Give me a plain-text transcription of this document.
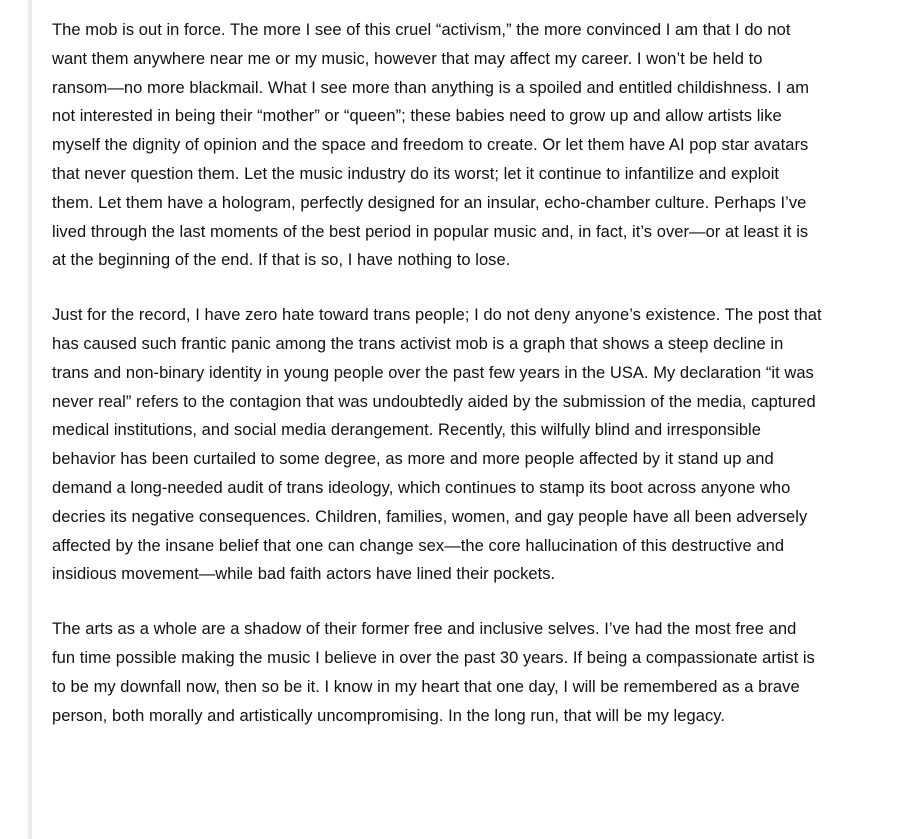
The mob is out in force. The more I see of this cruel “activism,” the more convinced I am that I do not want them anywhere near me or my music, however that may affect my career. I won’t be held to ransom—no more blackmail. What I see more than anything is a spoiled and entitled childishness. I am not interested in being their “mother” or “queen”; these babies need to grow up and allow artists like myself the dignity of opinion and the space and freedom to create. Or let them have AI pop star avatars that never question them. Let the music industry do its worst; let it continue to infantilize and exploit them. Let them have a hologram, perfectly designed for an insular, echo-chamber culture. Perhaps I’ve lived through the last moments of the best period in popular music and, in fact, it’s over—or at least it is at the beginning of the end. If that is so, I have nothing to lose.

Just for the record, I have zero hate toward trans people; I do not deny anyone’s existence. The post that has caused such frantic panic among the trans activist mob is a graph that shows a steep decline in trans and non-binary identity in young people over the past few years in the USA. My declaration “it was never real” refers to the contagion that was undoubtedly aided by the submission of the media, captured medical institutions, and social media derangement. Recently, this wilfully blind and irresponsible behavior has been curtailed to some degree, as more and more people affected by it stand up and demand a long-needed audit of trans ideology, which continues to stamp its boot across anyone who decries its negative consequences. Children, families, women, and gay people have all been adversely affected by the insane belief that one can change sex—the core hallucination of this destructive and insidious movement—while bad faith actors have lined their pockets.

The arts as a whole are a shadow of their former free and inclusive selves. I’ve had the most free and fun time possible making the music I believe in over the past 30 years. If being a compassionate artist is to be my downfall now, then so be it. I know in my heart that one day, I will be remembered as a brave person, both morally and artistically uncompromising. In the long run, that will be my legacy.
